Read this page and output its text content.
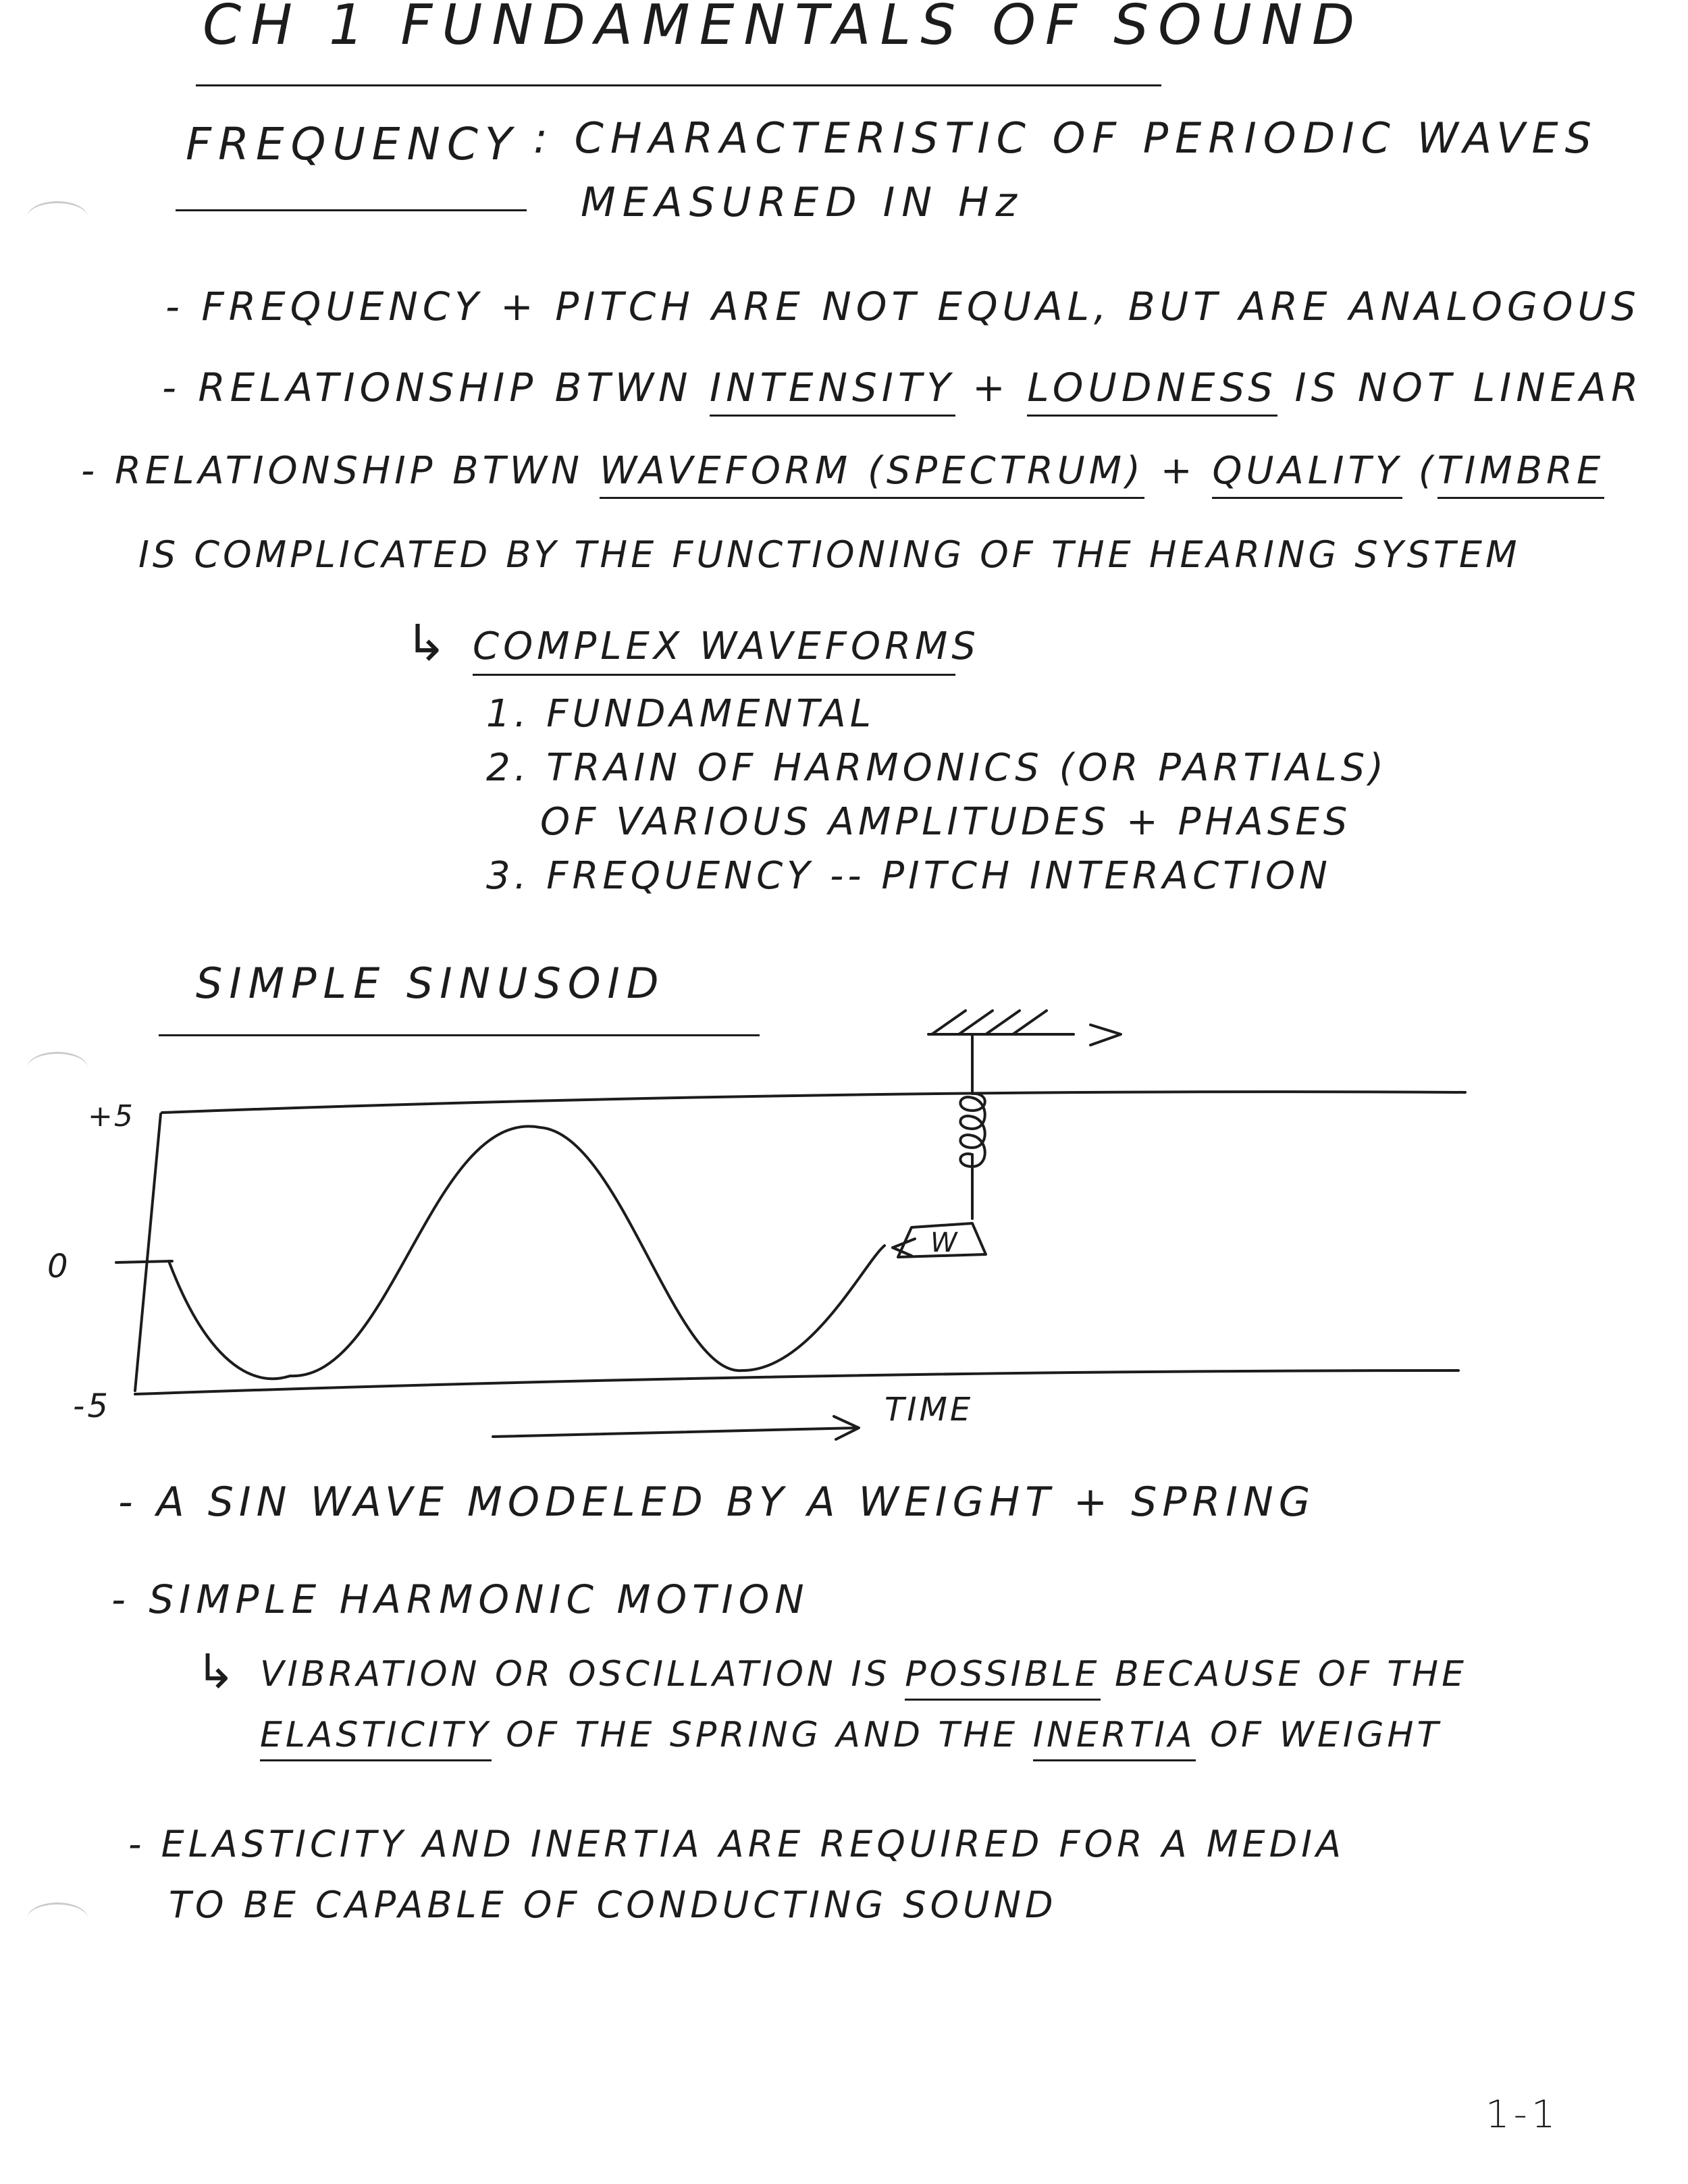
CH 1 FUNDAMENTALS OF SOUND
FREQUENCY : CHARACTERISTIC OF PERIODIC WAVES
MEASURED IN Hz
- FREQUENCY + PITCH ARE NOT EQUAL, BUT ARE ANALOGOUS
- RELATIONSHIP BTWN INTENSITY + LOUDNESS IS NOT LINEAR
- RELATIONSHIP BTWN WAVEFORM (SPECTRUM) + QUALITY (TIMBRE
IS COMPLICATED BY THE FUNCTIONING OF THE HEARING SYSTEM
↳ COMPLEX WAVEFORMS
1. FUNDAMENTAL
2. TRAIN OF HARMONICS (OR PARTIALS)
OF VARIOUS AMPLITUDES + PHASES
3. FREQUENCY -- PITCH INTERACTION
SIMPLE SINUSOID
+5
0
-5	TIME
W
- A SIN WAVE MODELED BY A WEIGHT + SPRING
- SIMPLE HARMONIC MOTION
↳ VIBRATION OR OSCILLATION IS POSSIBLE BECAUSE OF THE
ELASTICITY OF THE SPRING AND THE INERTIA OF WEIGHT
- ELASTICITY AND INERTIA ARE REQUIRED FOR A MEDIA
TO BE CAPABLE OF CONDUCTING SOUND
1-1
